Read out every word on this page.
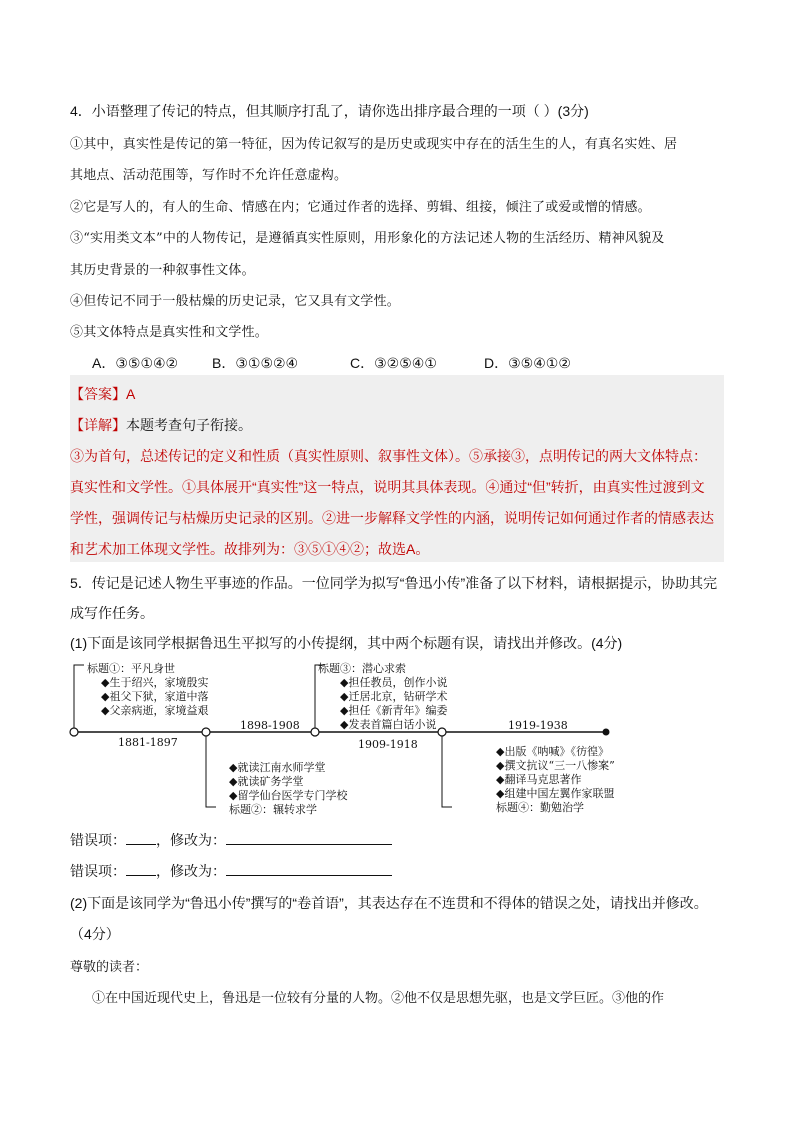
4．小语整理了传记的特点，但其顺序打乱了，请你选出排序最合理的一项（ ）(3分)
①其中，真实性是传记的第一特征，因为传记叙写的是历史或现实中存在的活生生的人，有真名实姓、居
其地点、活动范围等，写作时不允许任意虚构。
②它是写人的，有人的生命、情感在内；它通过作者的选择、剪辑、组接，倾注了或爱或憎的情感。
③“实用类文本”中的人物传记，是遵循真实性原则，用形象化的方法记述人物的生活经历、精神风貌及
其历史背景的一种叙事性文体。
④但传记不同于一般枯燥的历史记录，它又具有文学性。
⑤其文体特点是真实性和文学性。
A．③⑤①④② B．③①⑤②④	C．③②⑤④①	D．③⑤④①②
【答案】A
【详解】本题考查句子衔接。
③为首句，总述传记的定义和性质（真实性原则、叙事性文体）。⑤承接③，点明传记的两大文体特点：
真实性和文学性。①具体展开“真实性”这一特点，说明其具体表现。④通过“但”转折，由真实性过渡到文
学性，强调传记与枯燥历史记录的区别。②进一步解释文学性的内涵，说明传记如何通过作者的情感表达
和艺术加工体现文学性。故排列为：③⑤①④②；故选A。
5．传记是记述人物生平事迹的作品。一位同学为拟写“鲁迅小传”准备了以下材料，请根据提示，协助其完
成写作任务。
(1)下面是该同学根据鲁迅生平拟写的小传提纲，其中两个标题有误，请找出并修改。(4分)
标题①：平凡身世
◆生于绍兴，家境殷实
◆祖父下狱，家道中落
◆父亲病逝，家境益艰
标题③：潜心求索
◆担任教员，创作小说
◆迁居北京，钻研学术
◆担任《新青年》编委
◆发表首篇白话小说
1898-1908	1919-1938
1881-1897	1909-1918
◆就读江南水师学堂
◆就读矿务学堂
◆留学仙台医学专门学校
标题②：辗转求学
◆出版《呐喊》《彷徨》
◆撰文抗议“三一八惨案”
◆翻译马克思著作
◆组建中国左翼作家联盟
标题④：勤勉治学
错误项： ，修改为：
错误项： ，修改为：
(2)下面是该同学为“鲁迅小传”撰写的“卷首语”，其表达存在不连贯和不得体的错误之处，请找出并修改。
（4分）
尊敬的读者：
①在中国近现代史上，鲁迅是一位较有分量的人物。②他不仅是思想先驱，也是文学巨匠。③他的作
